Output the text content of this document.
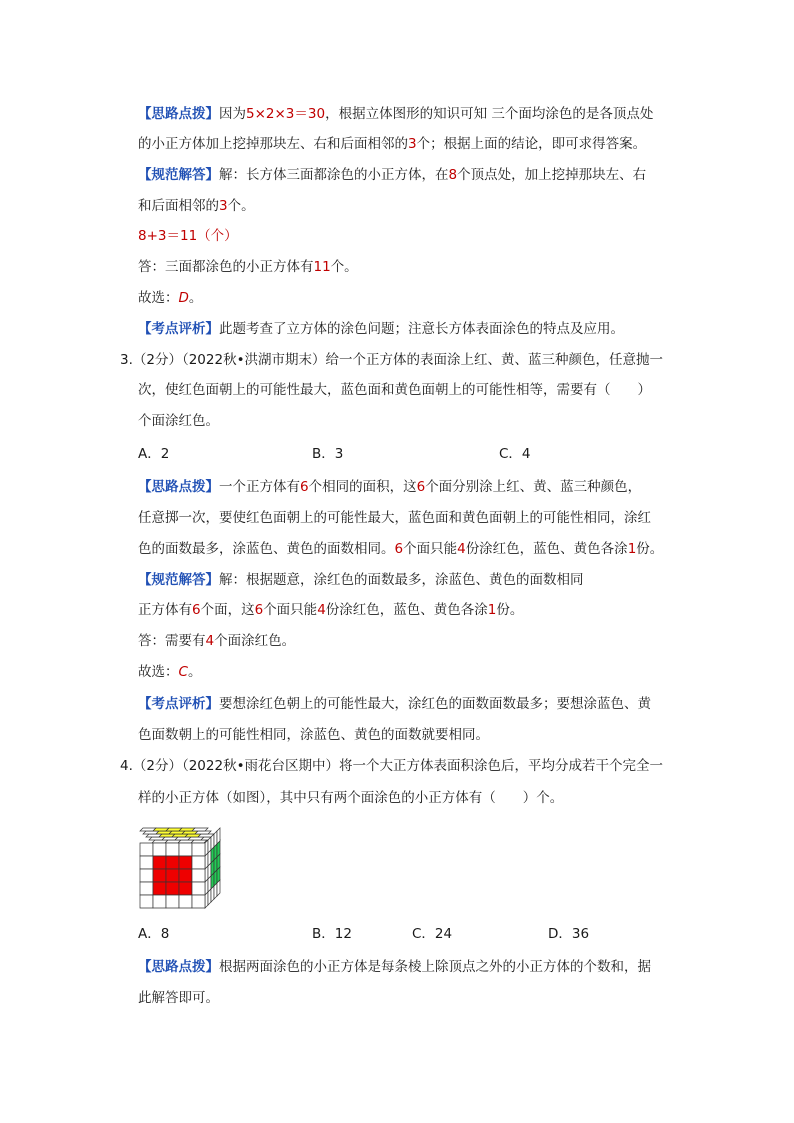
【思路点拨】因为5×2×3＝30，根据立体图形的知识可知 三个面均涂色的是各顶点处
的小正方体加上挖掉那块左、右和后面相邻的3个；根据上面的结论，即可求得答案。
【规范解答】解：长方体三面都涂色的小正方体，在8个顶点处，加上挖掉那块左、右
和后面相邻的3个。
8+3＝11（个）
答：三面都涂色的小正方体有11个。
故选：D。
【考点评析】此题考查了立方体的涂色问题；注意长方体表面涂色的特点及应用。
3.（2分）（2022秋•洪湖市期末）给一个正方体的表面涂上红、黄、蓝三种颜色，任意抛一
次，使红色面朝上的可能性最大，蓝色面和黄色面朝上的可能性相等，需要有（　　）
个面涂红色。
A．2	B．3	C．4
【思路点拨】一个正方体有6个相同的面积，这6个面分别涂上红、黄、蓝三种颜色，
任意掷一次，要使红色面朝上的可能性最大，蓝色面和黄色面朝上的可能性相同，涂红
色的面数最多，涂蓝色、黄色的面数相同。6个面只能4份涂红色，蓝色、黄色各涂1份。
【规范解答】解：根据题意，涂红色的面数最多，涂蓝色、黄色的面数相同
正方体有6个面，这6个面只能4份涂红色，蓝色、黄色各涂1份。
答：需要有4个面涂红色。
故选：C。
【考点评析】要想涂红色朝上的可能性最大，涂红色的面数面数最多；要想涂蓝色、黄
色面数朝上的可能性相同，涂蓝色、黄色的面数就要相同。
4.（2分）（2022秋•雨花台区期中）将一个大正方体表面积涂色后，平均分成若干个完全一
样的小正方体（如图），其中只有两个面涂色的小正方体有（　　）个。
A．8	B．12	C．24	D．36
【思路点拨】根据两面涂色的小正方体是每条棱上除顶点之外的小正方体的个数和，据
此解答即可。
